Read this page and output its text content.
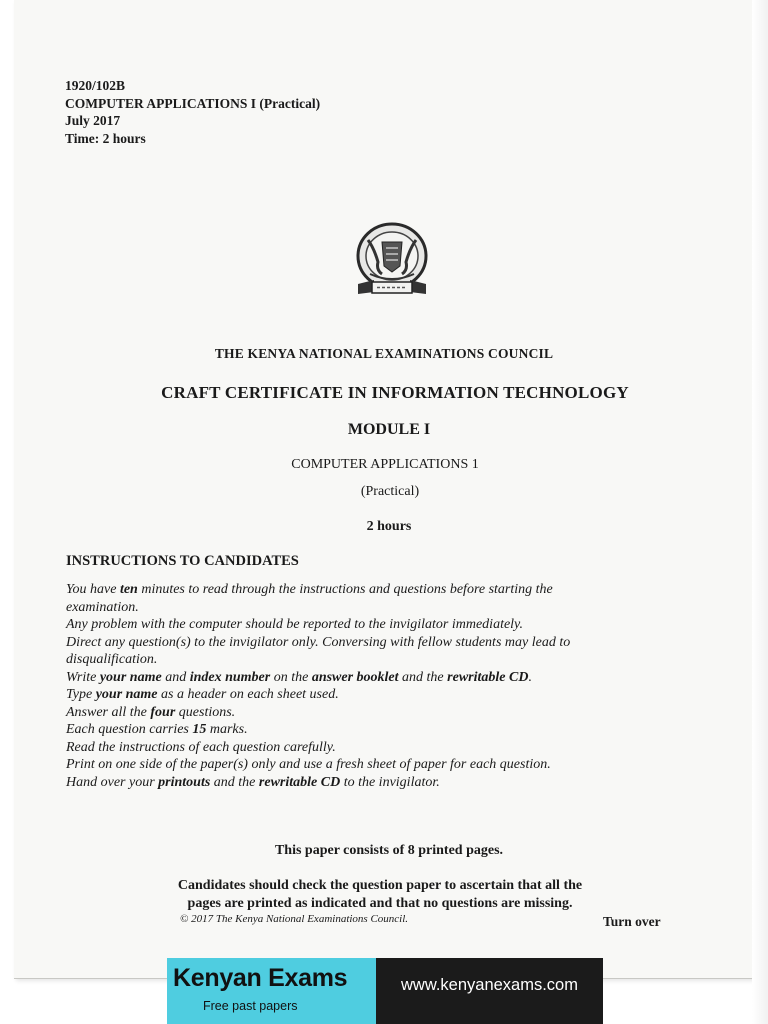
1920/102B
COMPUTER APPLICATIONS I (Practical)
July 2017
Time: 2 hours
THE KENYA NATIONAL EXAMINATIONS COUNCIL
CRAFT CERTIFICATE IN INFORMATION TECHNOLOGY
MODULE I
COMPUTER APPLICATIONS 1
(Practical)
2 hours
INSTRUCTIONS TO CANDIDATES
You have ten minutes to read through the instructions and questions before starting the
examination.
Any problem with the computer should be reported to the invigilator immediately.
Direct any question(s) to the invigilator only. Conversing with fellow students may lead to
disqualification.
Write your name and index number on the answer booklet and the rewritable CD.
Type your name as a header on each sheet used.
Answer all the four questions.
Each question carries 15 marks.
Read the instructions of each question carefully.
Print on one side of the paper(s) only and use a fresh sheet of paper for each question.
Hand over your printouts and the rewritable CD to the invigilator.
This paper consists of 8 printed pages.
Candidates should check the question paper to ascertain that all the
pages are printed as indicated and that no questions are missing.
© 2017 The Kenya National Examinations Council.	Turn over
Kenyan Exams
Free past papers
www.kenyanexams.com
